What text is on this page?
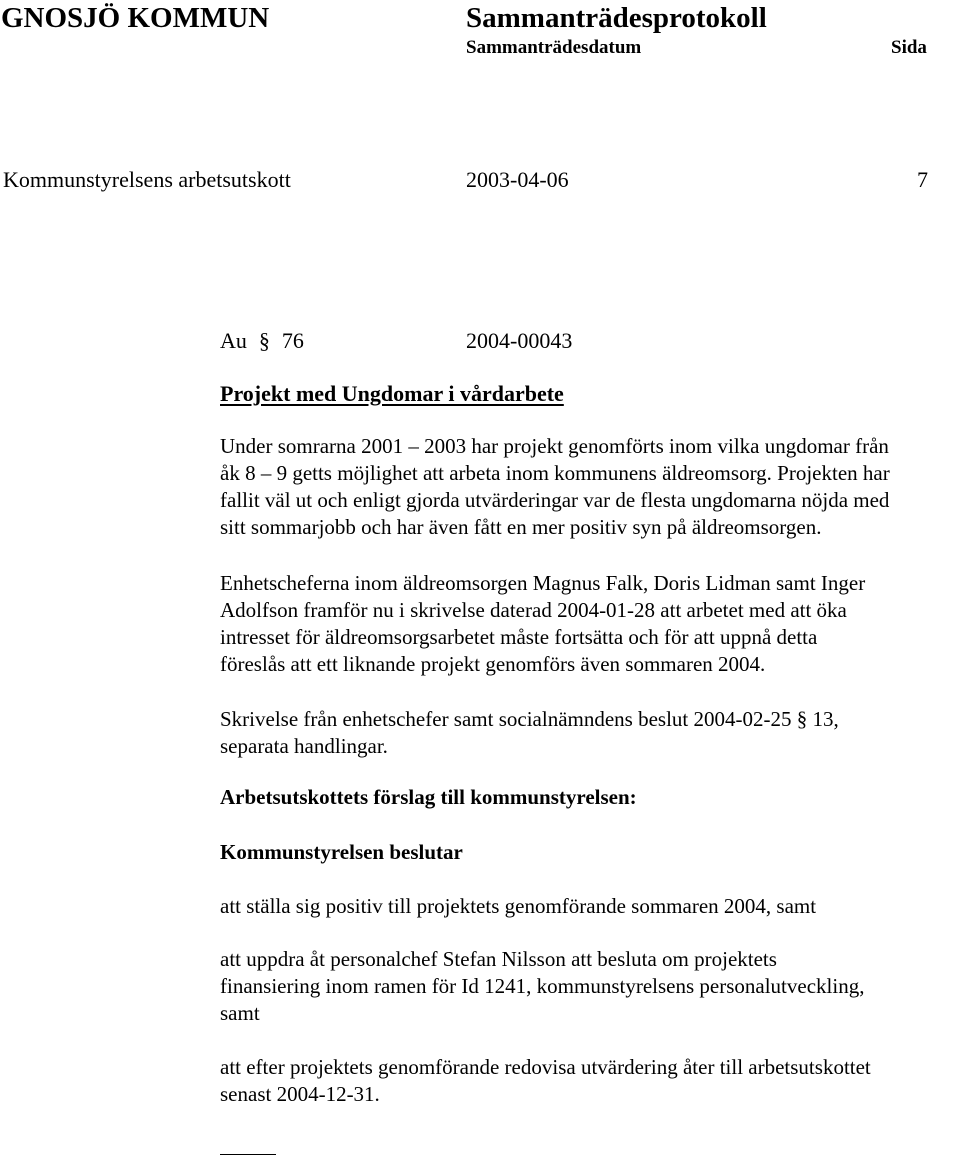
GNOSJÖ KOMMUN	Sammanträdesprotokoll
Sammanträdesdatum	Sida
Kommunstyrelsens arbetsutskott	2003-04-06	7
Au § 76	2004-00043
Projekt med Ungdomar i vårdarbete
Under somrarna 2001 – 2003 har projekt genomförts inom vilka ungdomar från
åk 8 – 9 getts möjlighet att arbeta inom kommunens äldreomsorg. Projekten har
fallit väl ut och enligt gjorda utvärderingar var de flesta ungdomarna nöjda med
sitt sommarjobb och har även fått en mer positiv syn på äldreomsorgen.
Enhetscheferna inom äldreomsorgen Magnus Falk, Doris Lidman samt Inger
Adolfson framför nu i skrivelse daterad 2004-01-28 att arbetet med att öka
intresset för äldreomsorgsarbetet måste fortsätta och för att uppnå detta
föreslås att ett liknande projekt genomförs även sommaren 2004.
Skrivelse från enhetschefer samt socialnämndens beslut 2004-02-25 § 13,
separata handlingar.
Arbetsutskottets förslag till kommunstyrelsen:
Kommunstyrelsen beslutar
att ställa sig positiv till projektets genomförande sommaren 2004, samt
att uppdra åt personalchef Stefan Nilsson att besluta om projektets
finansiering inom ramen för Id 1241, kommunstyrelsens personalutveckling,
samt
att efter projektets genomförande redovisa utvärdering åter till arbetsutskottet
senast 2004-12-31.
